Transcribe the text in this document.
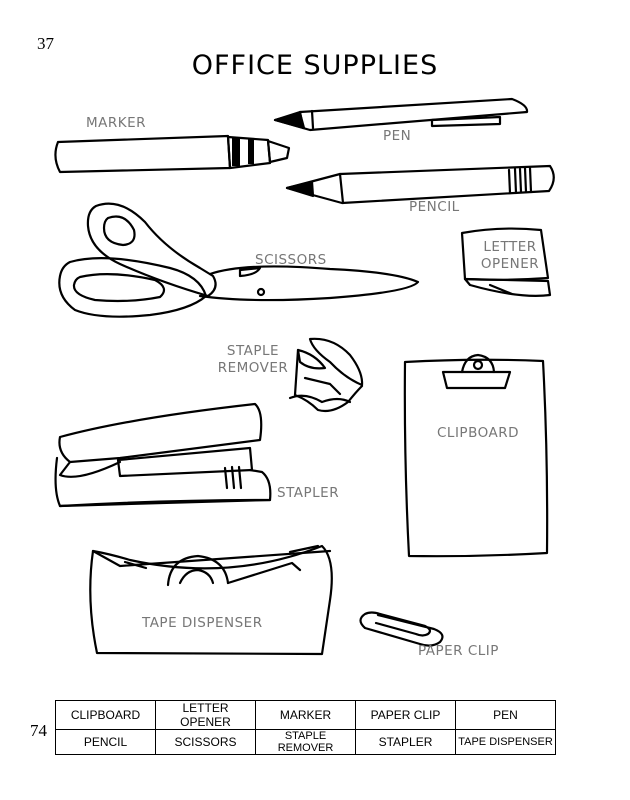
37
OFFICE SUPPLIES
MARKER
PEN
PENCIL
SCISSORS
LETTER
OPENER
STAPLE
REMOVER
CLIPBOARD
STAPLER
TAPE DISPENSER
PAPER CLIP
74
CLIPBOARD	LETTER OPENER	MARKER	PAPER CLIP	PEN
PENCIL	SCISSORS	STAPLE REMOVER	STAPLER	TAPE DISPENSER
